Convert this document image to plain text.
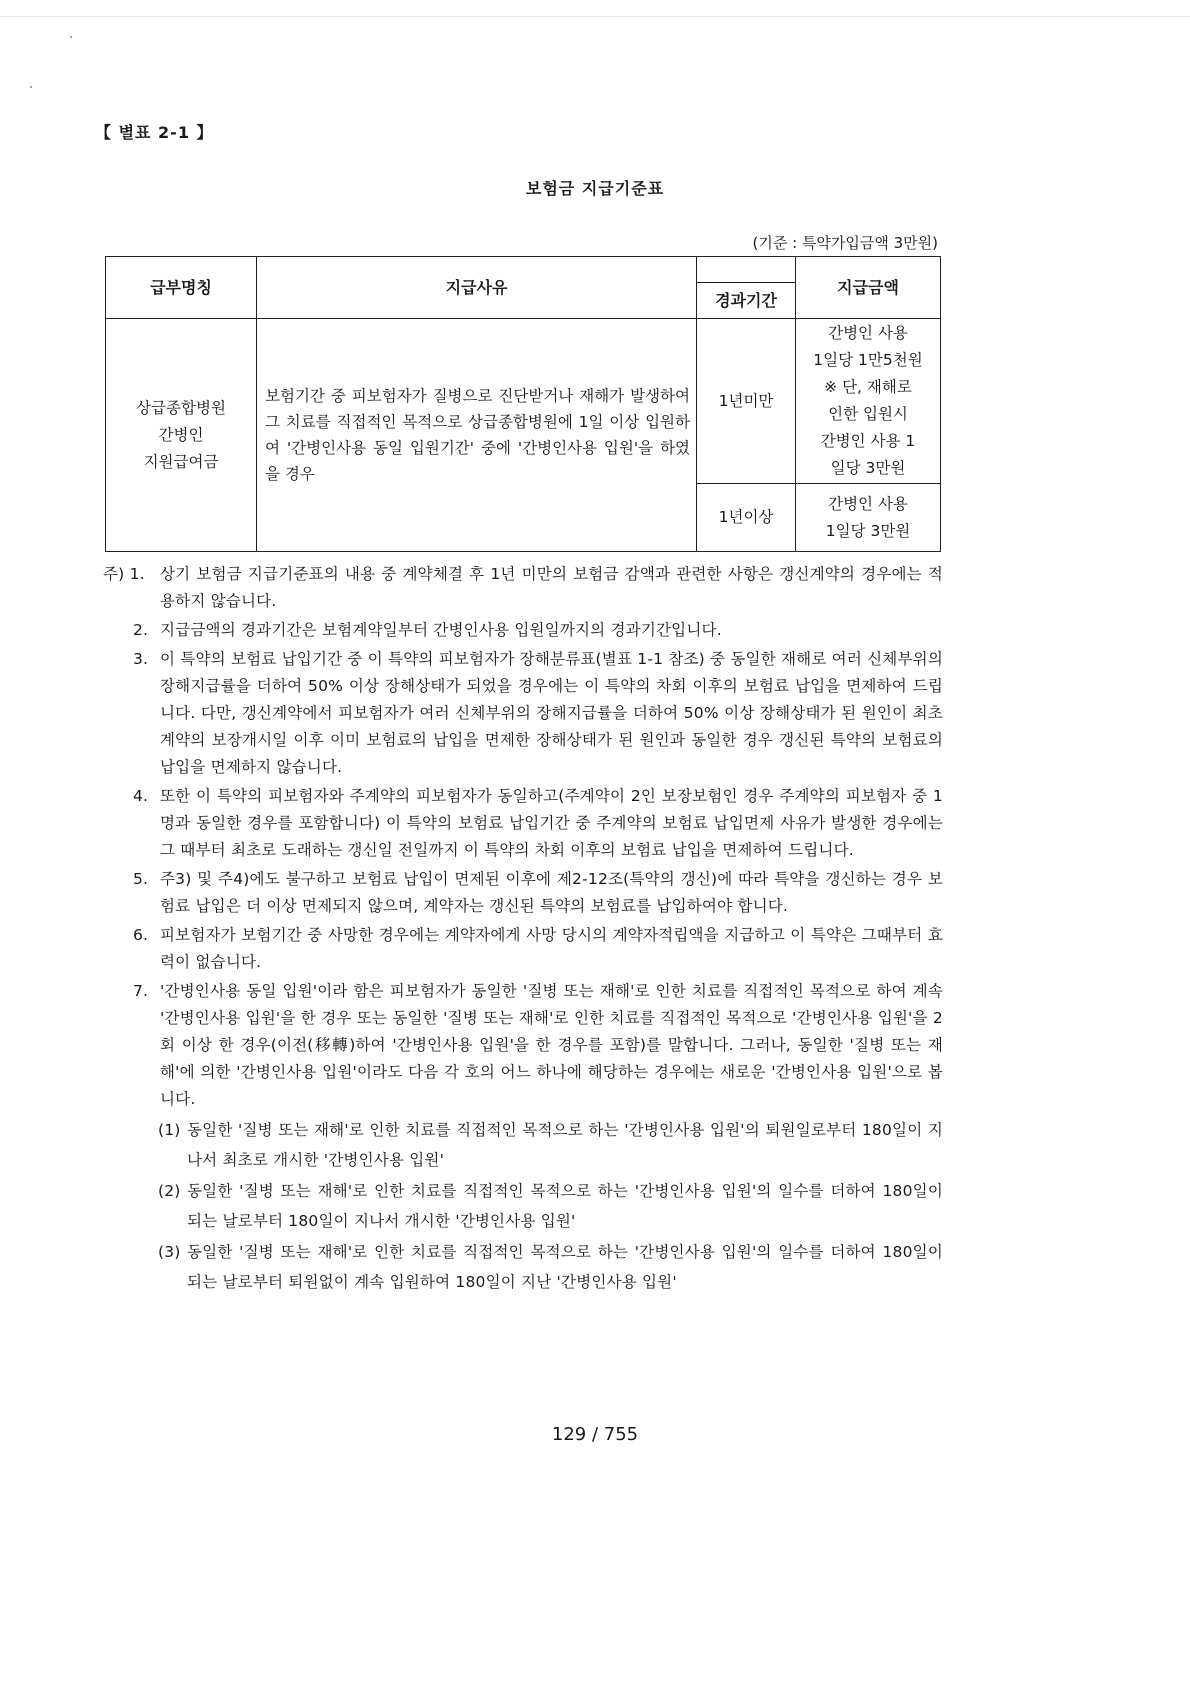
【 별표 2-1 】
보험금 지급기준표
(기준 : 특약가입금액 3만원)
급부명칭	지급사유
경과기간
지급금액
상급종합병원
간병인
지원급여금
보험기간 중 피보험자가 질병으로 진단받거나 재해가 발생하여 그 치료를 직접적인 목적으로 상급종합병원에 1일 이상 입원하여 '간병인사용 동일 입원기간' 중에 '간병인사용 입원'을 하였을 경우
1년미만
간병인 사용
1일당 1만5천원
※ 단, 재해로
인한 입원시
간병인 사용 1
일당 3만원
1년이상
간병인 사용
1일당 3만원
주) 1. 상기 보험금 지급기준표의 내용 중 계약체결 후 1년 미만의 보험금 감액과 관련한 사항은 갱신계약의 경우에는 적용하지 않습니다.
2. 지급금액의 경과기간은 보험계약일부터 간병인사용 입원일까지의 경과기간입니다.
3. 이 특약의 보험료 납입기간 중 이 특약의 피보험자가 장해분류표(별표 1-1 참조) 중 동일한 재해로 여러 신체부위의 장해지급률을 더하여 50% 이상 장해상태가 되었을 경우에는 이 특약의 차회 이후의 보험료 납입을 면제하여 드립니다. 다만, 갱신계약에서 피보험자가 여러 신체부위의 장해지급률을 더하여 50% 이상 장해상태가 된 원인이 최초계약의 보장개시일 이후 이미 보험료의 납입을 면제한 장해상태가 된 원인과 동일한 경우 갱신된 특약의 보험료의 납입을 면제하지 않습니다.
4. 또한 이 특약의 피보험자와 주계약의 피보험자가 동일하고(주계약이 2인 보장보험인 경우 주계약의 피보험자 중 1명과 동일한 경우를 포함합니다) 이 특약의 보험료 납입기간 중 주계약의 보험료 납입면제 사유가 발생한 경우에는 그 때부터 최초로 도래하는 갱신일 전일까지 이 특약의 차회 이후의 보험료 납입을 면제하여 드립니다.
5. 주3) 및 주4)에도 불구하고 보험료 납입이 면제된 이후에 제2-12조(특약의 갱신)에 따라 특약을 갱신하는 경우 보험료 납입은 더 이상 면제되지 않으며, 계약자는 갱신된 특약의 보험료를 납입하여야 합니다.
6. 피보험자가 보험기간 중 사망한 경우에는 계약자에게 사망 당시의 계약자적립액을 지급하고 이 특약은 그때부터 효력이 없습니다.
7. '간병인사용 동일 입원'이라 함은 피보험자가 동일한 '질병 또는 재해'로 인한 치료를 직접적인 목적으로 하여 계속 '간병인사용 입원'을 한 경우 또는 동일한 '질병 또는 재해'로 인한 치료를 직접적인 목적으로 '간병인사용 입원'을 2회 이상 한 경우(이전(移轉)하여 '간병인사용 입원'을 한 경우를 포함)를 말합니다. 그러나, 동일한 '질병 또는 재해'에 의한 '간병인사용 입원'이라도 다음 각 호의 어느 하나에 해당하는 경우에는 새로운 '간병인사용 입원'으로 봅니다.
(1) 동일한 '질병 또는 재해'로 인한 치료를 직접적인 목적으로 하는 '간병인사용 입원'의 퇴원일로부터 180일이 지나서 최초로 개시한 '간병인사용 입원'
(2) 동일한 '질병 또는 재해'로 인한 치료를 직접적인 목적으로 하는 '간병인사용 입원'의 일수를 더하여 180일이 되는 날로부터 180일이 지나서 개시한 '간병인사용 입원'
(3) 동일한 '질병 또는 재해'로 인한 치료를 직접적인 목적으로 하는 '간병인사용 입원'의 일수를 더하여 180일이 되는 날로부터 퇴원없이 계속 입원하여 180일이 지난 '간병인사용 입원'
129 / 755
